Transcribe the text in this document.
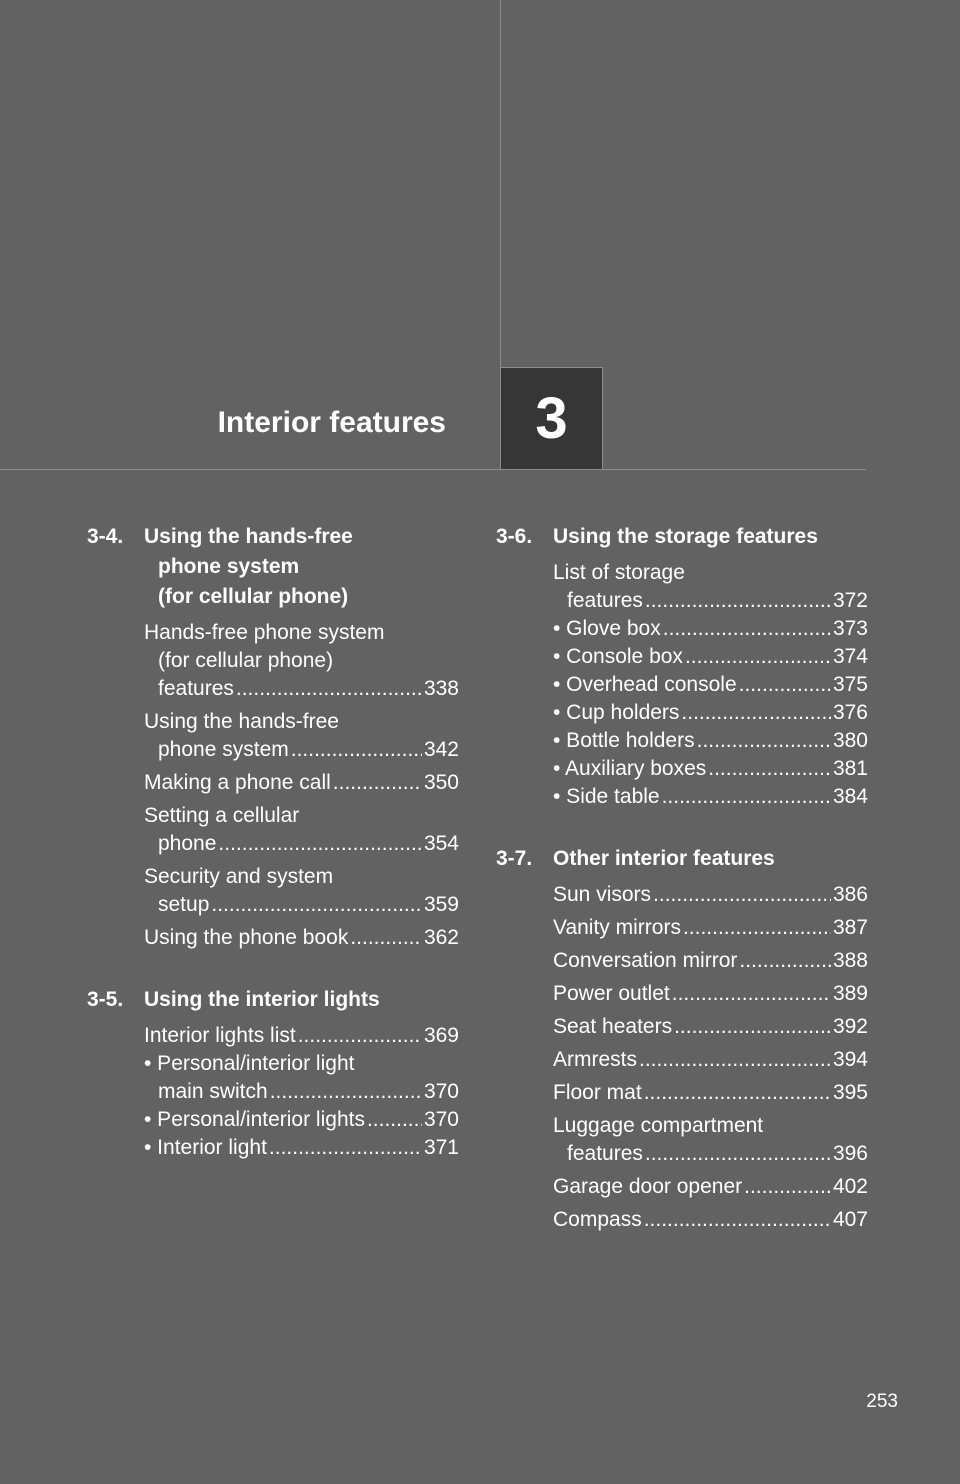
Interior features	3
3-4. Using the hands-free
phone system
(for cellular phone)
Hands-free phone system
(for cellular phone)
features .....	338
Using the hands-free
phone system .....	342
Making a phone call .....	350
Setting a cellular
phone .....	354
Security and system
setup .....	359
Using the phone book .....	362
3-5. Using the interior lights
Interior lights list .....	369
• Personal/interior light
main switch .....	370
• Personal/interior lights .....	370
• Interior light .....	371
3-6. Using the storage features
List of storage
features .....	372
• Glove box .....	373
• Console box .....	374
• Overhead console .....	375
• Cup holders .....	376
• Bottle holders .....	380
• Auxiliary boxes .....	381
• Side table .....	384
3-7. Other interior features
Sun visors .....	386
Vanity mirrors .....	387
Conversation mirror .....	388
Power outlet .....	389
Seat heaters .....	392
Armrests .....	394
Floor mat .....	395
Luggage compartment
features .....	396
Garage door opener .....	402
Compass .....	407
253
